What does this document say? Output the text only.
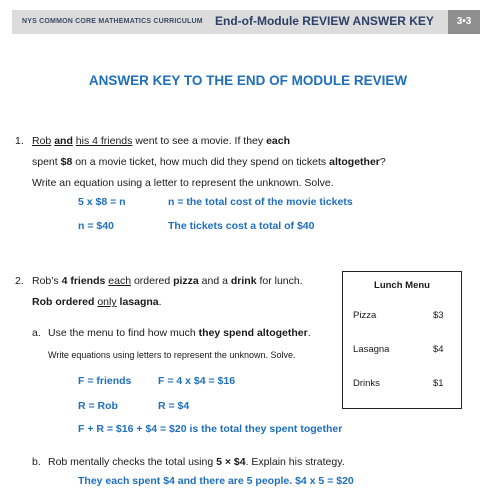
NYS COMMON CORE MATHEMATICS CURRICULUM End-of-Module REVIEW ANSWER KEY	3•3
ANSWER KEY TO THE END OF MODULE REVIEW
1. Rob and his 4 friends went to see a movie. If they each
spent $8 on a movie ticket, how much did they spend on tickets altogether?
Write an equation using a letter to represent the unknown. Solve.
5 x $8 = n	n = the total cost of the movie tickets
n = $40	The tickets cost a total of $40
2. Rob’s 4 friends each ordered pizza and a drink for lunch.
Rob ordered only lasagna.
a. Use the menu to find how much they spend altogether.
Write equations using letters to represent the unknown. Solve.
F = friends	F = 4 x $4 = $16
R = Rob	R = $4
F + R = $16 + $4 = $20 is the total they spent together
b. Rob mentally checks the total using 5 × $4. Explain his strategy.
They each spent $4 and there are 5 people. $4 x 5 = $20
Lunch Menu
Pizza	$3
Lasagna	$4
Drinks	$1
